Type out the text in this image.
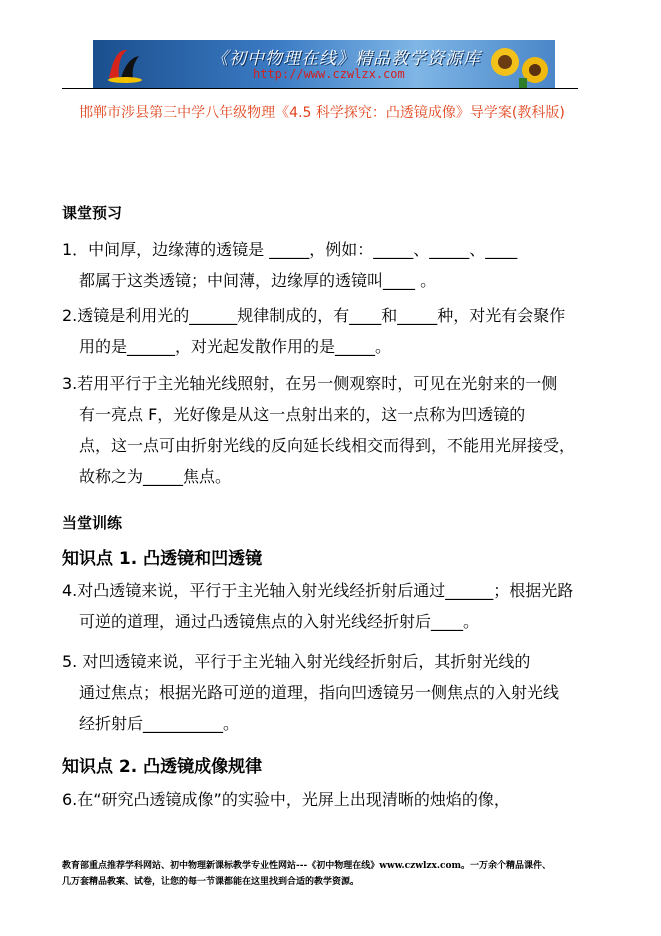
《初中物理在线》精品教学资源库
http://www.czwlzx.com
邯郸市涉县第三中学八年级物理《4.5 科学探究：凸透镜成像》导学案(教科版)
课堂预习
1．中间厚，边缘薄的透镜是 _____，例如：_____、_____、____
都属于这类透镜；中间薄，边缘厚的透镜叫____ 。
2.透镜是利用光的______规律制成的，有____和_____种，对光有会聚作
用的是______，对光起发散作用的是_____。
3.若用平行于主光轴光线照射，在另一侧观察时，可见在光射来的一侧
有一亮点 F，光好像是从这一点射出来的，这一点称为凹透镜的
点，这一点可由折射光线的反向延长线相交而得到，不能用光屏接受，
故称之为_____焦点。
当堂训练
知识点 1. 凸透镜和凹透镜
4.对凸透镜来说，平行于主光轴入射光线经折射后通过______；根据光路
可逆的道理，通过凸透镜焦点的入射光线经折射后____。
5. 对凹透镜来说，平行于主光轴入射光线经折射后，其折射光线的
通过焦点；根据光路可逆的道理，指向凹透镜另一侧焦点的入射光线
经折射后__________。
知识点 2. 凸透镜成像规律
6.在“研究凸透镜成像”的实验中，光屏上出现清晰的烛焰的像，
教育部重点推荐学科网站、初中物理新课标教学专业性网站---《初中物理在线》www.czwlzx.com。一万余个精品课件、
几万套精品教案、试卷，让您的每一节课都能在这里找到合适的教学资源。
